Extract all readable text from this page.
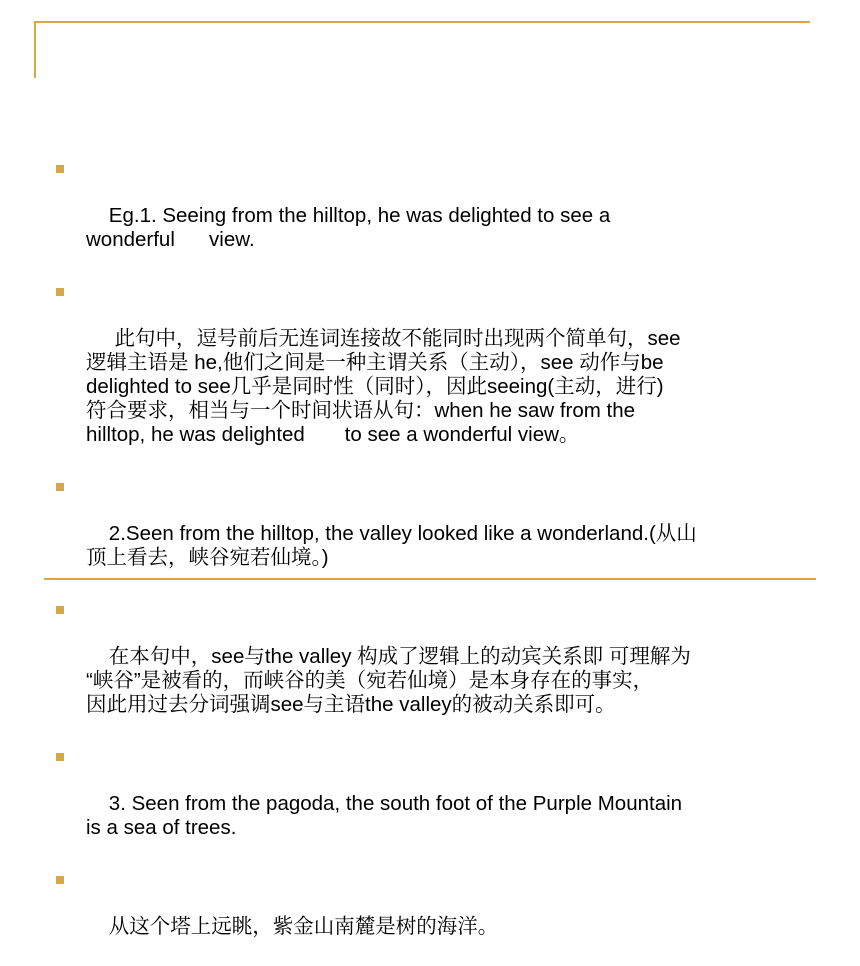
Eg.1. Seeing from the hilltop, he was delighted to see a
wonderful      view.

此句中，逗号前后无连词连接故不能同时出现两个简单句，see
逻辑主语是 he,他们之间是一种主谓关系（主动），see 动作与be
delighted to see几乎是同时性（同时），因此seeing(主动，进行)
符合要求，相当与一个时间状语从句：when he saw from the
hilltop, he was delighted       to see a wonderful view。

2.Seen from the hilltop, the valley looked like a wonderland.(从山
顶上看去，峡谷宛若仙境。)

在本句中，see与the valley 构成了逻辑上的动宾关系即 可理解为
“峡谷”是被看的，而峡谷的美（宛若仙境）是本身存在的事实，
因此用过去分词强调see与主语the valley的被动关系即可。

3. Seen from the pagoda, the south foot of the Purple Mountain
is a sea of trees.

从这个塔上远眺，紫金山南麓是树的海洋。
